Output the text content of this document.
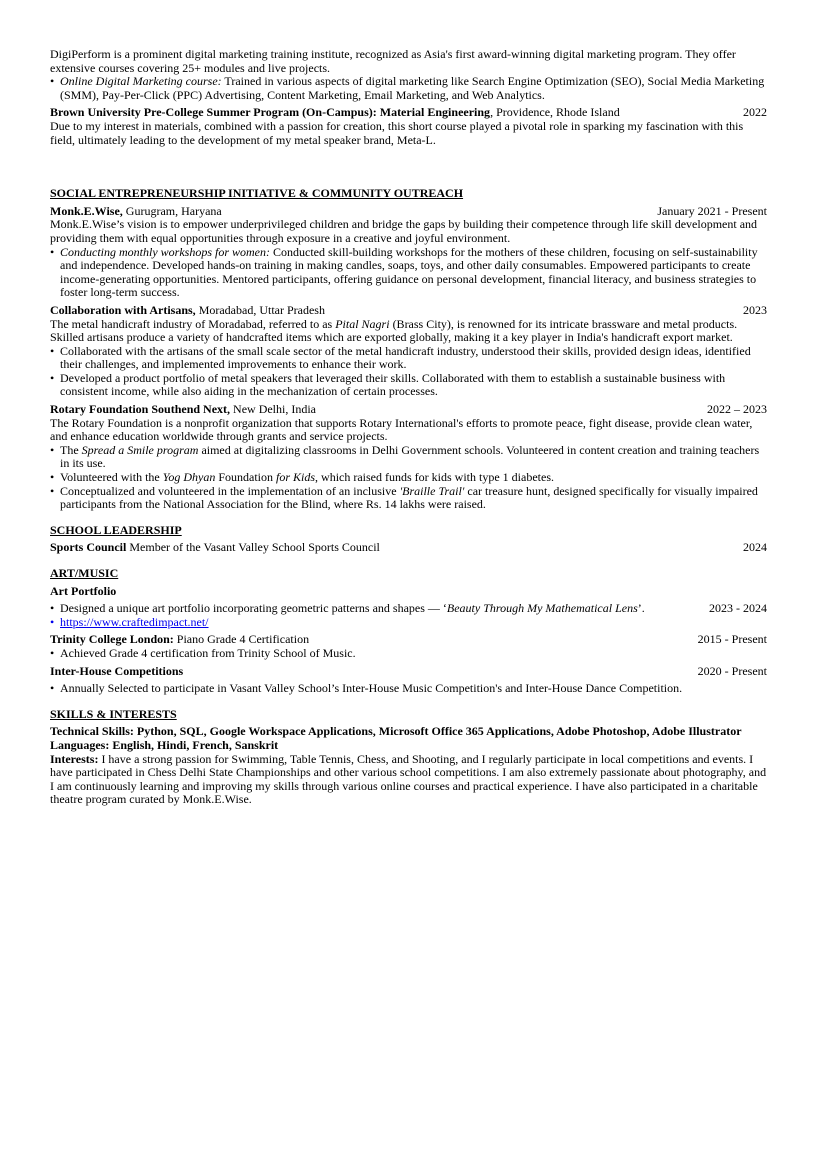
DigiPerform is a prominent digital marketing training institute, recognized as Asia's first award-winning digital marketing program. They offer extensive courses covering 25+ modules and live projects.

• Online Digital Marketing course: Trained in various aspects of digital marketing like Search Engine Optimization (SEO), Social Media Marketing (SMM), Pay-Per-Click (PPC) Advertising, Content Marketing, Email Marketing, and Web Analytics.
Brown University Pre-College Summer Program (On-Campus): Material Engineering, Providence, Rhode Island	2022

Due to my interest in materials, combined with a passion for creation, this short course played a pivotal role in sparking my fascination with this field, ultimately leading to the development of my metal speaker brand, Meta-L.

SOCIAL ENTREPRENEURSHIP INITIATIVE & COMMUNITY OUTREACH
Monk.E.Wise, Gurugram, Haryana	January 2021 - Present

Monk.E.Wise’s vision is to empower underprivileged children and bridge the gaps by building their competence through life skill development and providing them with equal opportunities through exposure in a creative and joyful environment.

• Conducting monthly workshops for women: Conducted skill-building workshops for the mothers of these children, focusing on self-sustainability and independence. Developed hands-on training in making candles, soaps, toys, and other daily consumables. Empowered participants to create income-generating opportunities. Mentored participants, offering guidance on personal development, financial literacy, and business strategies to foster long-term success.
Collaboration with Artisans, Moradabad, Uttar Pradesh	2023

The metal handicraft industry of Moradabad, referred to as Pital Nagri (Brass City), is renowned for its intricate brassware and metal products. Skilled artisans produce a variety of handcrafted items which are exported globally, making it a key player in India's handicraft export market.

• Collaborated with the artisans of the small scale sector of the metal handicraft industry, understood their skills, provided design ideas, identified their challenges, and implemented improvements to enhance their work.
• Developed a product portfolio of metal speakers that leveraged their skills. Collaborated with them to establish a sustainable business with consistent income, while also aiding in the mechanization of certain processes.
Rotary Foundation Southend Next, New Delhi, India	2022 – 2023

The Rotary Foundation is a nonprofit organization that supports Rotary International's efforts to promote peace, fight disease, provide clean water, and enhance education worldwide through grants and service projects.

• The Spread a Smile program aimed at digitalizing classrooms in Delhi Government schools. Volunteered in content creation and training teachers in its use.
• Volunteered with the Yog Dhyan Foundation for Kids, which raised funds for kids with type 1 diabetes.
• Conceptualized and volunteered in the implementation of an inclusive 'Braille Trail' car treasure hunt, designed specifically for visually impaired participants from the National Association for the Blind, where Rs. 14 lakhs were raised.
SCHOOL LEADERSHIP
Sports Council Member of the Vasant Valley School Sports Council	2024
ART/MUSIC
Art Portfolio
• Designed a unique art portfolio incorporating geometric patterns and shapes — ‘Beauty Through My Mathematical Lens’.	2023 - 2024
• https://www.craftedimpact.net/
Trinity College London: Piano Grade 4 Certification	2015 - Present
• Achieved Grade 4 certification from Trinity School of Music.
Inter-House Competitions	2020 - Present
• Annually Selected to participate in Vasant Valley School’s Inter-House Music Competition's and Inter-House Dance Competition.
SKILLS & INTERESTS

Technical Skills: Python, SQL, Google Workspace Applications, Microsoft Office 365 Applications, Adobe Photoshop, Adobe Illustrator

Languages: English, Hindi, French, Sanskrit

Interests: I have a strong passion for Swimming, Table Tennis, Chess, and Shooting, and I regularly participate in local competitions and events. I have participated in Chess Delhi State Championships and other various school competitions. I am also extremely passionate about photography, and I am continuously learning and improving my skills through various online courses and practical experience. I have also participated in a charitable theatre program curated by Monk.E.Wise.
